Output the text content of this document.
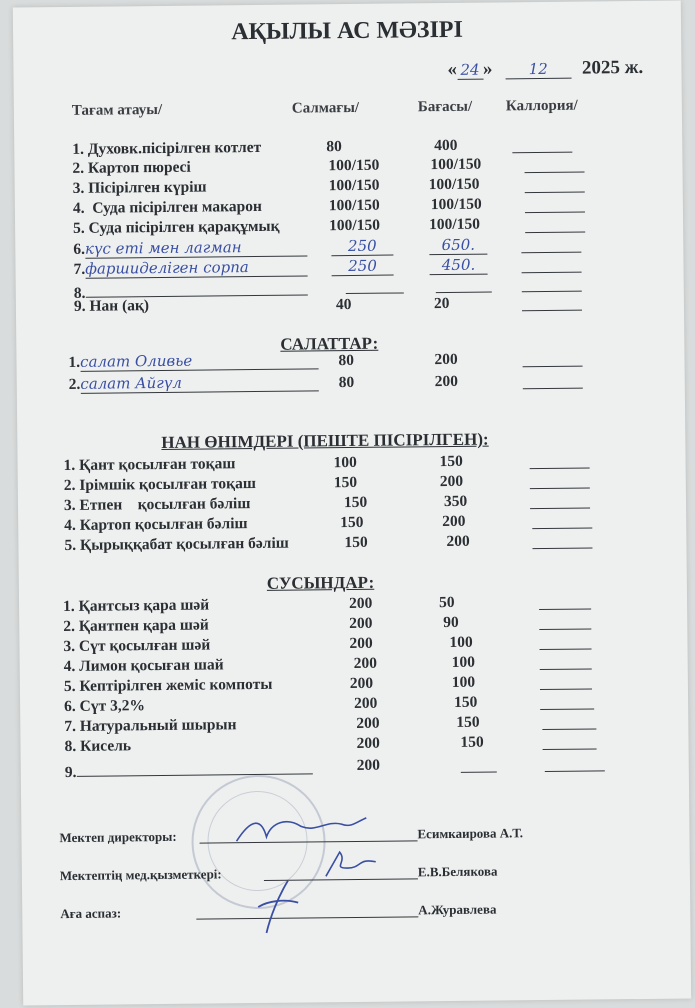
АҚЫЛЫ АС МӘЗІРІ
« 24 » 12 2025 ж.
Тағам атауы/	Салмағы/	Бағасы/ Каллория/
1. Духовк.пісірілген котлет	80	400
2. Картоп пюресі	100/150	100/150
3. Пісірілген күріш	100/150	100/150
4. Суда пісірілген макарон	100/150	100/150
5. Суда пісірілген қарақұмық	100/150	100/150
6.күс еті мен лагман	250	650.
7.фаршиделіген сорпа	250	450.
8.
9. Нан (ақ)	40	20
САЛАТТАР:
1.салат Оливье	80	200
2.салат Айгүл	80	200
НАН ӨНІМДЕРІ (ПЕШТЕ ПІСІРІЛГЕН):
1. Қант қосылған тоқаш	100	150
2. Ірімшік қосылған тоқаш	150	200
3. Етпен    қосылған бәліш	150	350
4. Картоп қосылған бәліш	150	200
5. Қырыққабат қосылған бәліш	150	200
СУСЫНДАР:
1. Қантсыз қара шәй	200	50
2. Қантпен қара шәй	200	90
3. Сүт қосылған шәй	200	100
4. Лимон қосыған шай	200	100
5. Кептірілген жеміс компоты	200	100
6. Сүт 3,2%	200	150
7. Натуральный шырын	200	150
8. Кисель	200	150
9.	200
Мектеп директоры:	Есимкаирова А.Т.
Мектептің мед.қызметкері:	Е.В.Белякова
Аға аспаз:	А.Журавлева
